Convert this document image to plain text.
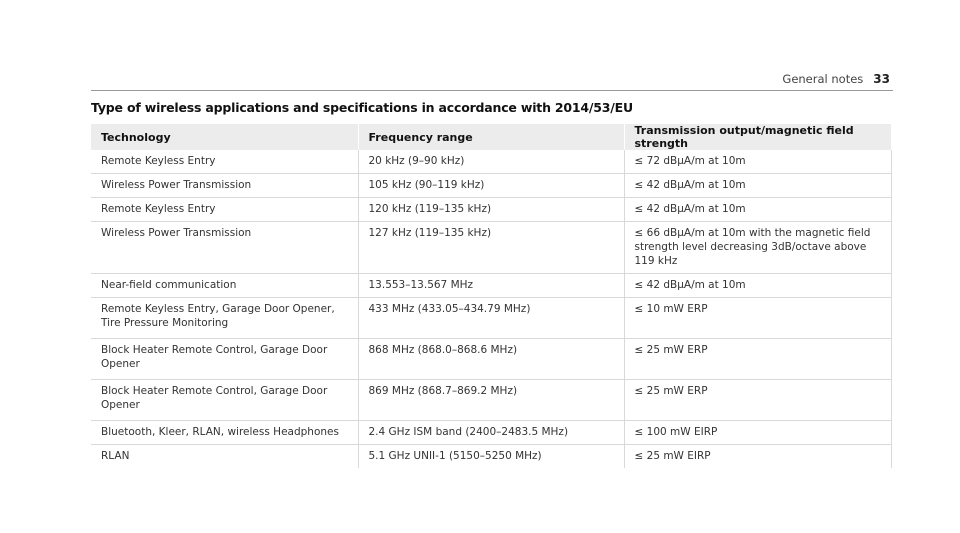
General notes 33
Type of wireless applications and specifications in accordance with 2014/53/EU
Technology	Frequency range	Transmission output/magnetic field strength
Remote Keyless Entry	20 kHz (9–90 kHz)	≤ 72 dBµA/m at 10m
Wireless Power Transmission	105 kHz (90–119 kHz)	≤ 42 dBµA/m at 10m
Remote Keyless Entry	120 kHz (119–135 kHz)	≤ 42 dBµA/m at 10m
Wireless Power Transmission	127 kHz (119–135 kHz)	≤ 66 dBµA/m at 10m with the magnetic field strength level decreasing 3dB/octave above 119 kHz
Near-field communication	13.553–13.567 MHz	≤ 42 dBµA/m at 10m
Remote Keyless Entry, Garage Door Opener, Tire Pressure Monitoring	433 MHz (433.05–434.79 MHz)	≤ 10 mW ERP
Block Heater Remote Control, Garage Door Opener	868 MHz (868.0–868.6 MHz)	≤ 25 mW ERP
Block Heater Remote Control, Garage Door Opener	869 MHz (868.7–869.2 MHz)	≤ 25 mW ERP
Bluetooth, Kleer, RLAN, wireless Headphones	2.4 GHz ISM band (2400–2483.5 MHz)	≤ 100 mW EIRP
RLAN	5.1 GHz UNII-1 (5150–5250 MHz)	≤ 25 mW EIRP
